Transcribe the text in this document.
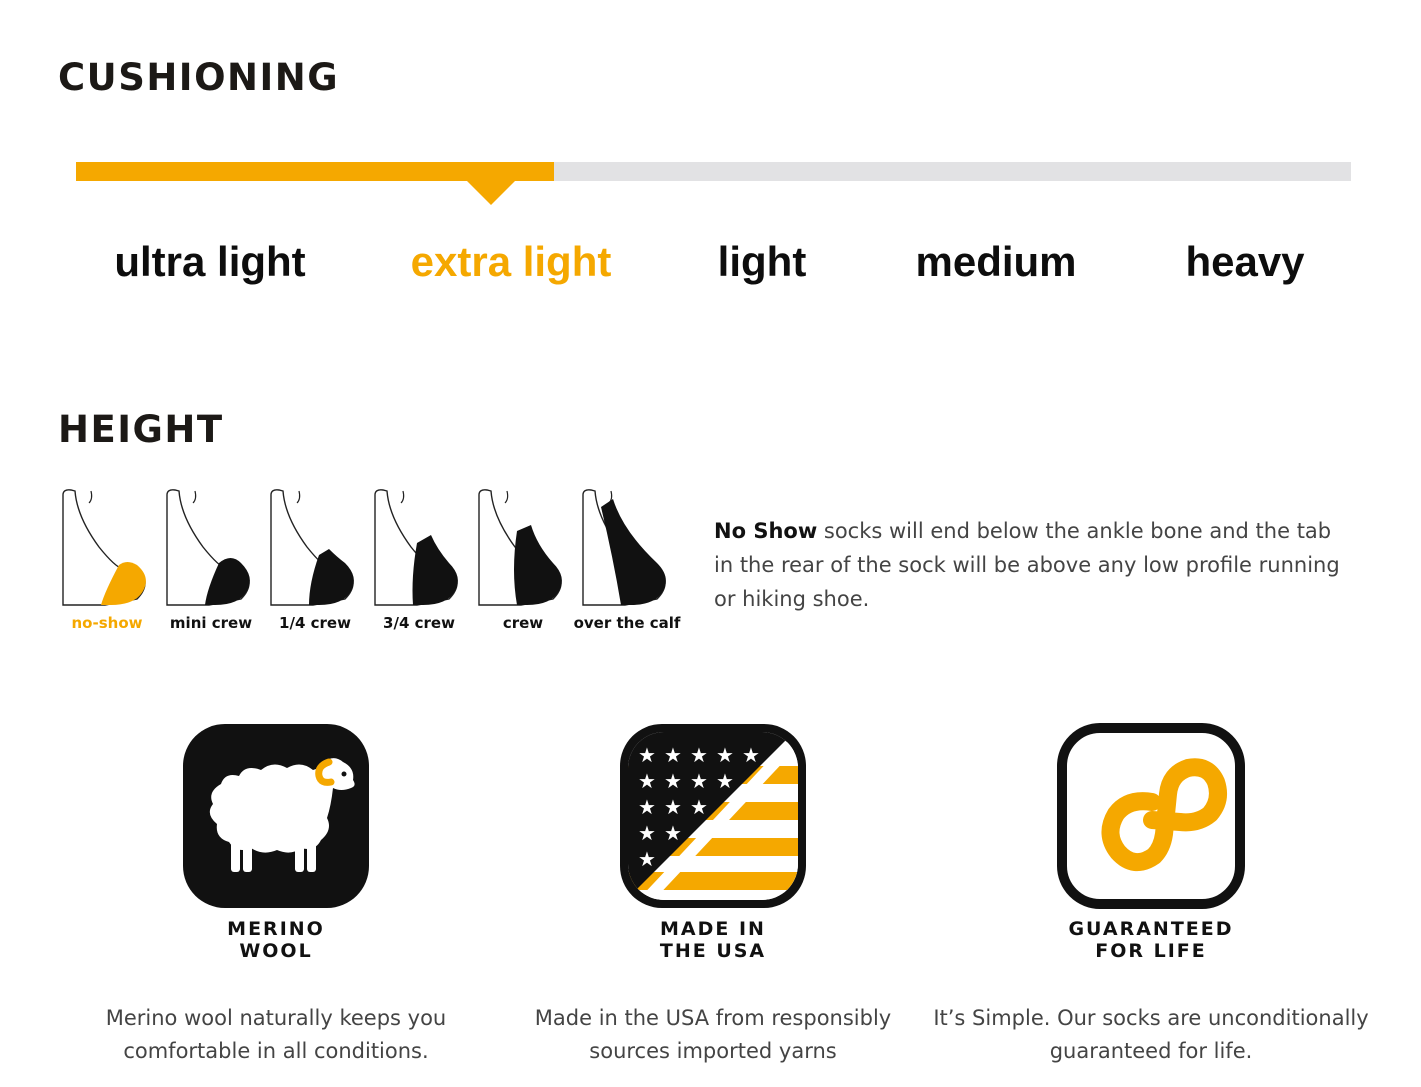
CUSHIONING
ultra light extra light	light	medium	heavy
HEIGHT
no-show mini crew 1/4 crew 3/4 crew	crew over the calf
No Show socks will end below the ankle bone and the tab in the rear of the sock will be above any low profile running or hiking shoe.
MERINO
WOOL
Merino wool naturally keeps you comfortable in all conditions.
★ ★ ★ ★ ★
★ ★ ★ ★
★ ★ ★
★ ★
★
MADE IN
THE USA
Made in the USA from responsibly sources imported yarns
GUARANTEED
FOR LIFE
It’s Simple. Our socks are unconditionally guaranteed for life.
